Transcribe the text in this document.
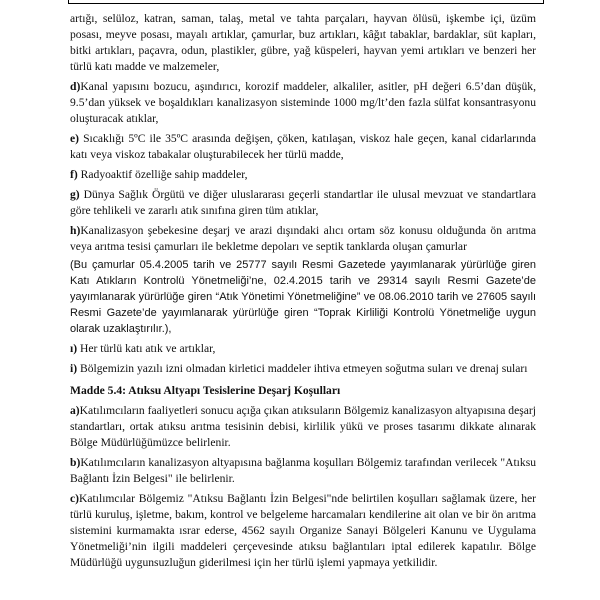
artığı, selüloz, katran, saman, talaş, metal ve tahta parçaları, hayvan ölüsü, işkembe içi, üzüm posası, meyve posası, mayalı artıklar, çamurlar, buz artıkları, kâğıt tabaklar, bardaklar, süt kapları, bitki artıkları, paçavra, odun, plastikler, gübre, yağ küspeleri, hayvan yemi artıkları ve benzeri her türlü katı madde ve malzemeler,

d)Kanal yapısını bozucu, aşındırıcı, korozif maddeler, alkaliler, asitler, pH değeri 6.5’dan düşük, 9.5’dan yüksek ve boşaldıkları kanalizasyon sisteminde 1000 mg/lt’den fazla sülfat konsantrasyonu oluşturacak atıklar,

e) Sıcaklığı 5ºC ile 35ºC arasında değişen, çöken, katılaşan, viskoz hale geçen, kanal cidarlarında katı veya viskoz tabakalar oluşturabilecek her türlü madde,

f) Radyoaktif özelliğe sahip maddeler,

g) Dünya Sağlık Örgütü ve diğer uluslararası geçerli standartlar ile ulusal mevzuat ve standartlara göre tehlikeli ve zararlı atık sınıfına giren tüm atıklar,

h)Kanalizasyon şebekesine deşarj ve arazi dışındaki alıcı ortam söz konusu olduğunda ön arıtma veya arıtma tesisi çamurları ile bekletme depoları ve septik tanklarda oluşan çamurlar

(Bu çamurlar 05.4.2005 tarih ve 25777 sayılı Resmi Gazetede yayımlanarak yürürlüğe giren Katı Atıkların Kontrolü Yönetmeliği’ne, 02.4.2015 tarih ve 29314 sayılı Resmi Gazete’de yayımlanarak yürürlüğe giren “Atık Yönetimi Yönetmeliğine” ve 08.06.2010 tarih ve 27605 sayılı Resmi Gazete’de yayımlanarak yürürlüğe giren “Toprak Kirliliği Kontrolü Yönetmeliğe uygun olarak uzaklaştırılır.),

ı) Her türlü katı atık ve artıklar,

i) Bölgemizin yazılı izni olmadan kirletici maddeler ihtiva etmeyen soğutma suları ve drenaj suları

Madde 5.4: Atıksu Altyapı Tesislerine Deşarj Koşulları

a)Katılımcıların faaliyetleri sonucu açığa çıkan atıksuların Bölgemiz kanalizasyon altyapısına deşarj standartları, ortak atıksu arıtma tesisinin debisi, kirlilik yükü ve proses tasarımı dikkate alınarak Bölge Müdürlüğümüzce belirlenir.

b)Katılımcıların kanalizasyon altyapısına bağlanma koşulları Bölgemiz tarafından verilecek "Atıksu Bağlantı İzin Belgesi" ile belirlenir.

c)Katılımcılar Bölgemiz "Atıksu Bağlantı İzin Belgesi"nde belirtilen koşulları sağlamak üzere, her türlü kuruluş, işletme, bakım, kontrol ve belgeleme harcamaları kendilerine ait olan ve bir ön arıtma sistemini kurmamakta ısrar ederse, 4562 sayılı Organize Sanayi Bölgeleri Kanunu ve Uygulama Yönetmeliği’nin ilgili maddeleri çerçevesinde atıksu bağlantıları iptal edilerek kapatılır. Bölge Müdürlüğü uygunsuzluğun giderilmesi için her türlü işlemi yapmaya yetkilidir.
